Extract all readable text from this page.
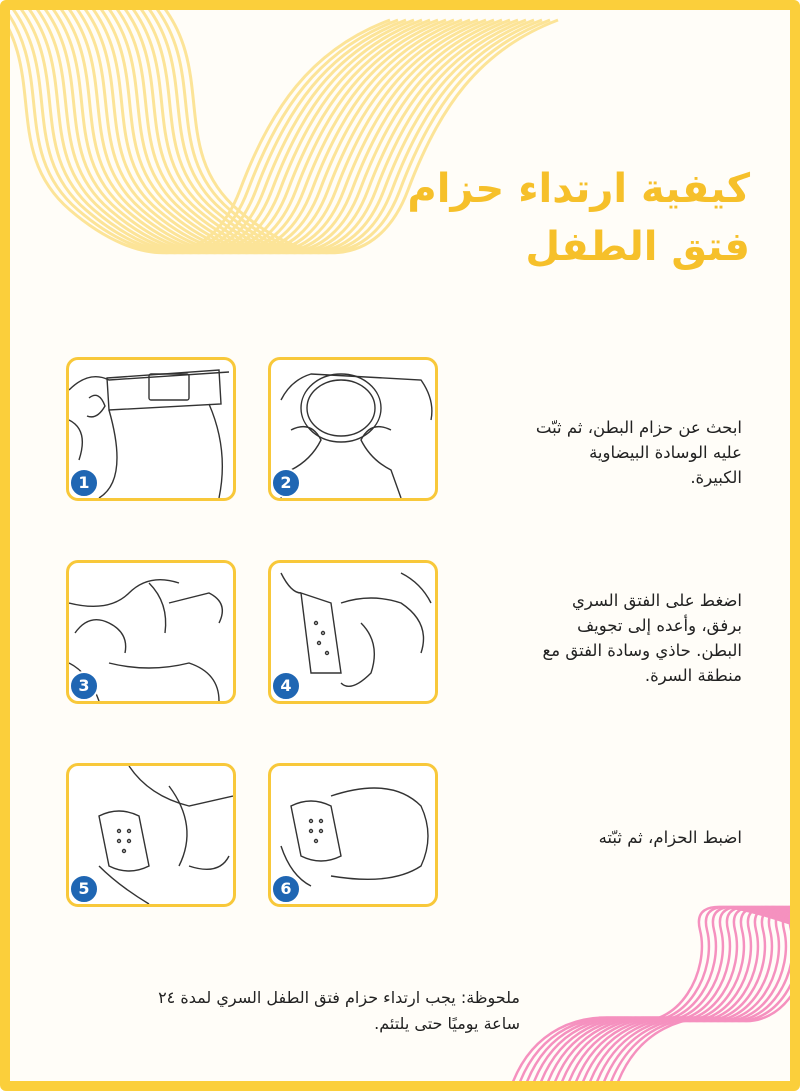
كيفية ارتداء حزام
فتق الطفل
1	2
ابحث عن حزام البطن، ثم ثبّت
عليه الوسادة البيضاوية
الكبيرة.
3	4
اضغط على الفتق السري
برفق، وأعده إلى تجويف
البطن. حاذي وسادة الفتق مع
منطقة السرة.
5	6
اضبط الحزام، ثم ثبّته
ملحوظة: يجب ارتداء حزام فتق الطفل السري لمدة ٢٤
ساعة يوميًا حتى يلتئم.
